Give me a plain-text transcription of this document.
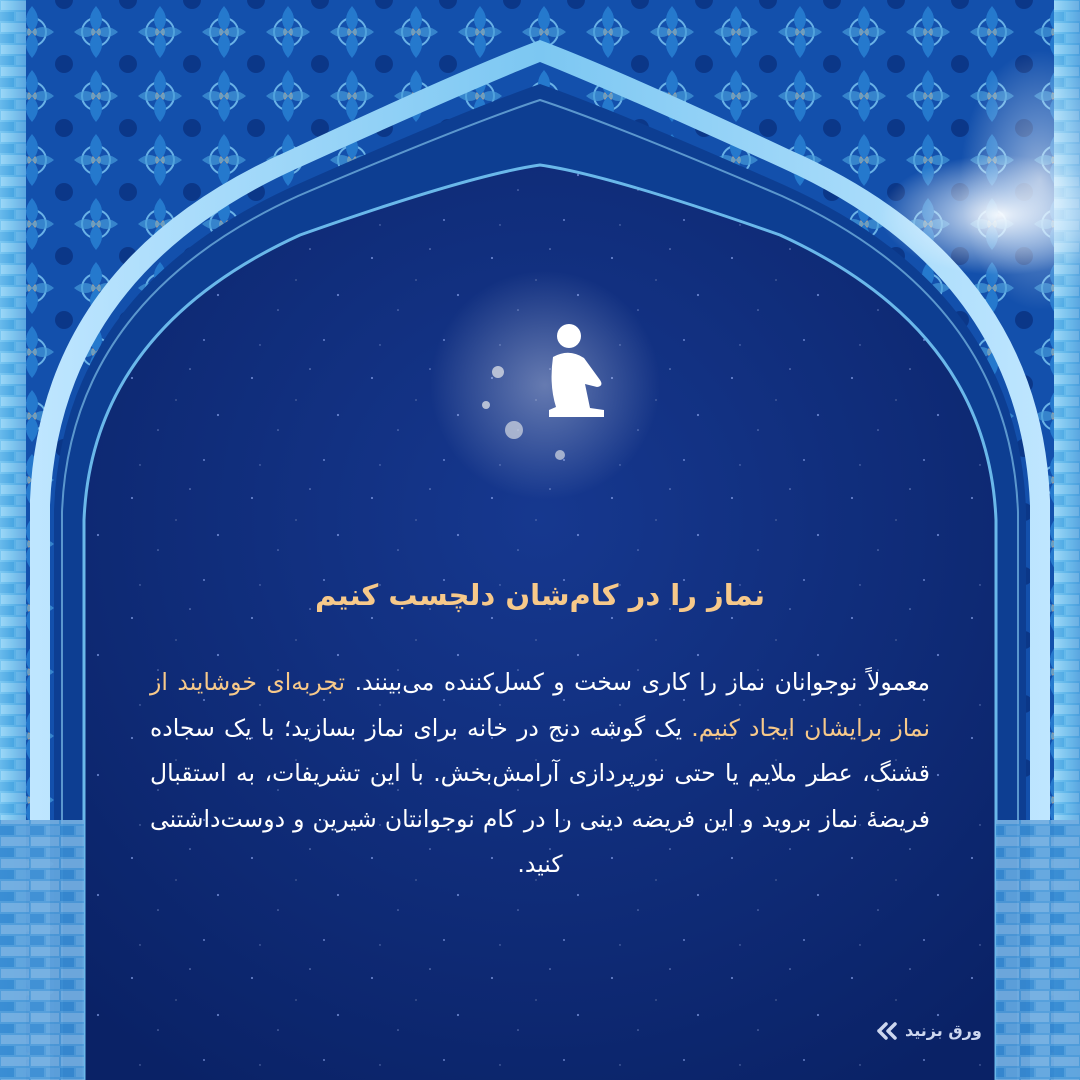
نماز را در کام‌شان دلچسب کنیم

معمولاً نوجوانان نماز را کاری سخت و کسل‌کننده می‌بینند. تجربه‌ای خوشایند از نماز برایشان ایجاد کنیم. یک گوشه دنج در خانه برای نماز بسازید؛ با یک سجاده قشنگ، عطر ملایم یا حتی نورپردازی آرامش‌بخش. با این تشریفات، به استقبال فریضهٔ نماز بروید و این فریضه دینی را در کام نوجوانتان شیرین و دوست‌داشتنی کنید.

ورق بزنید
